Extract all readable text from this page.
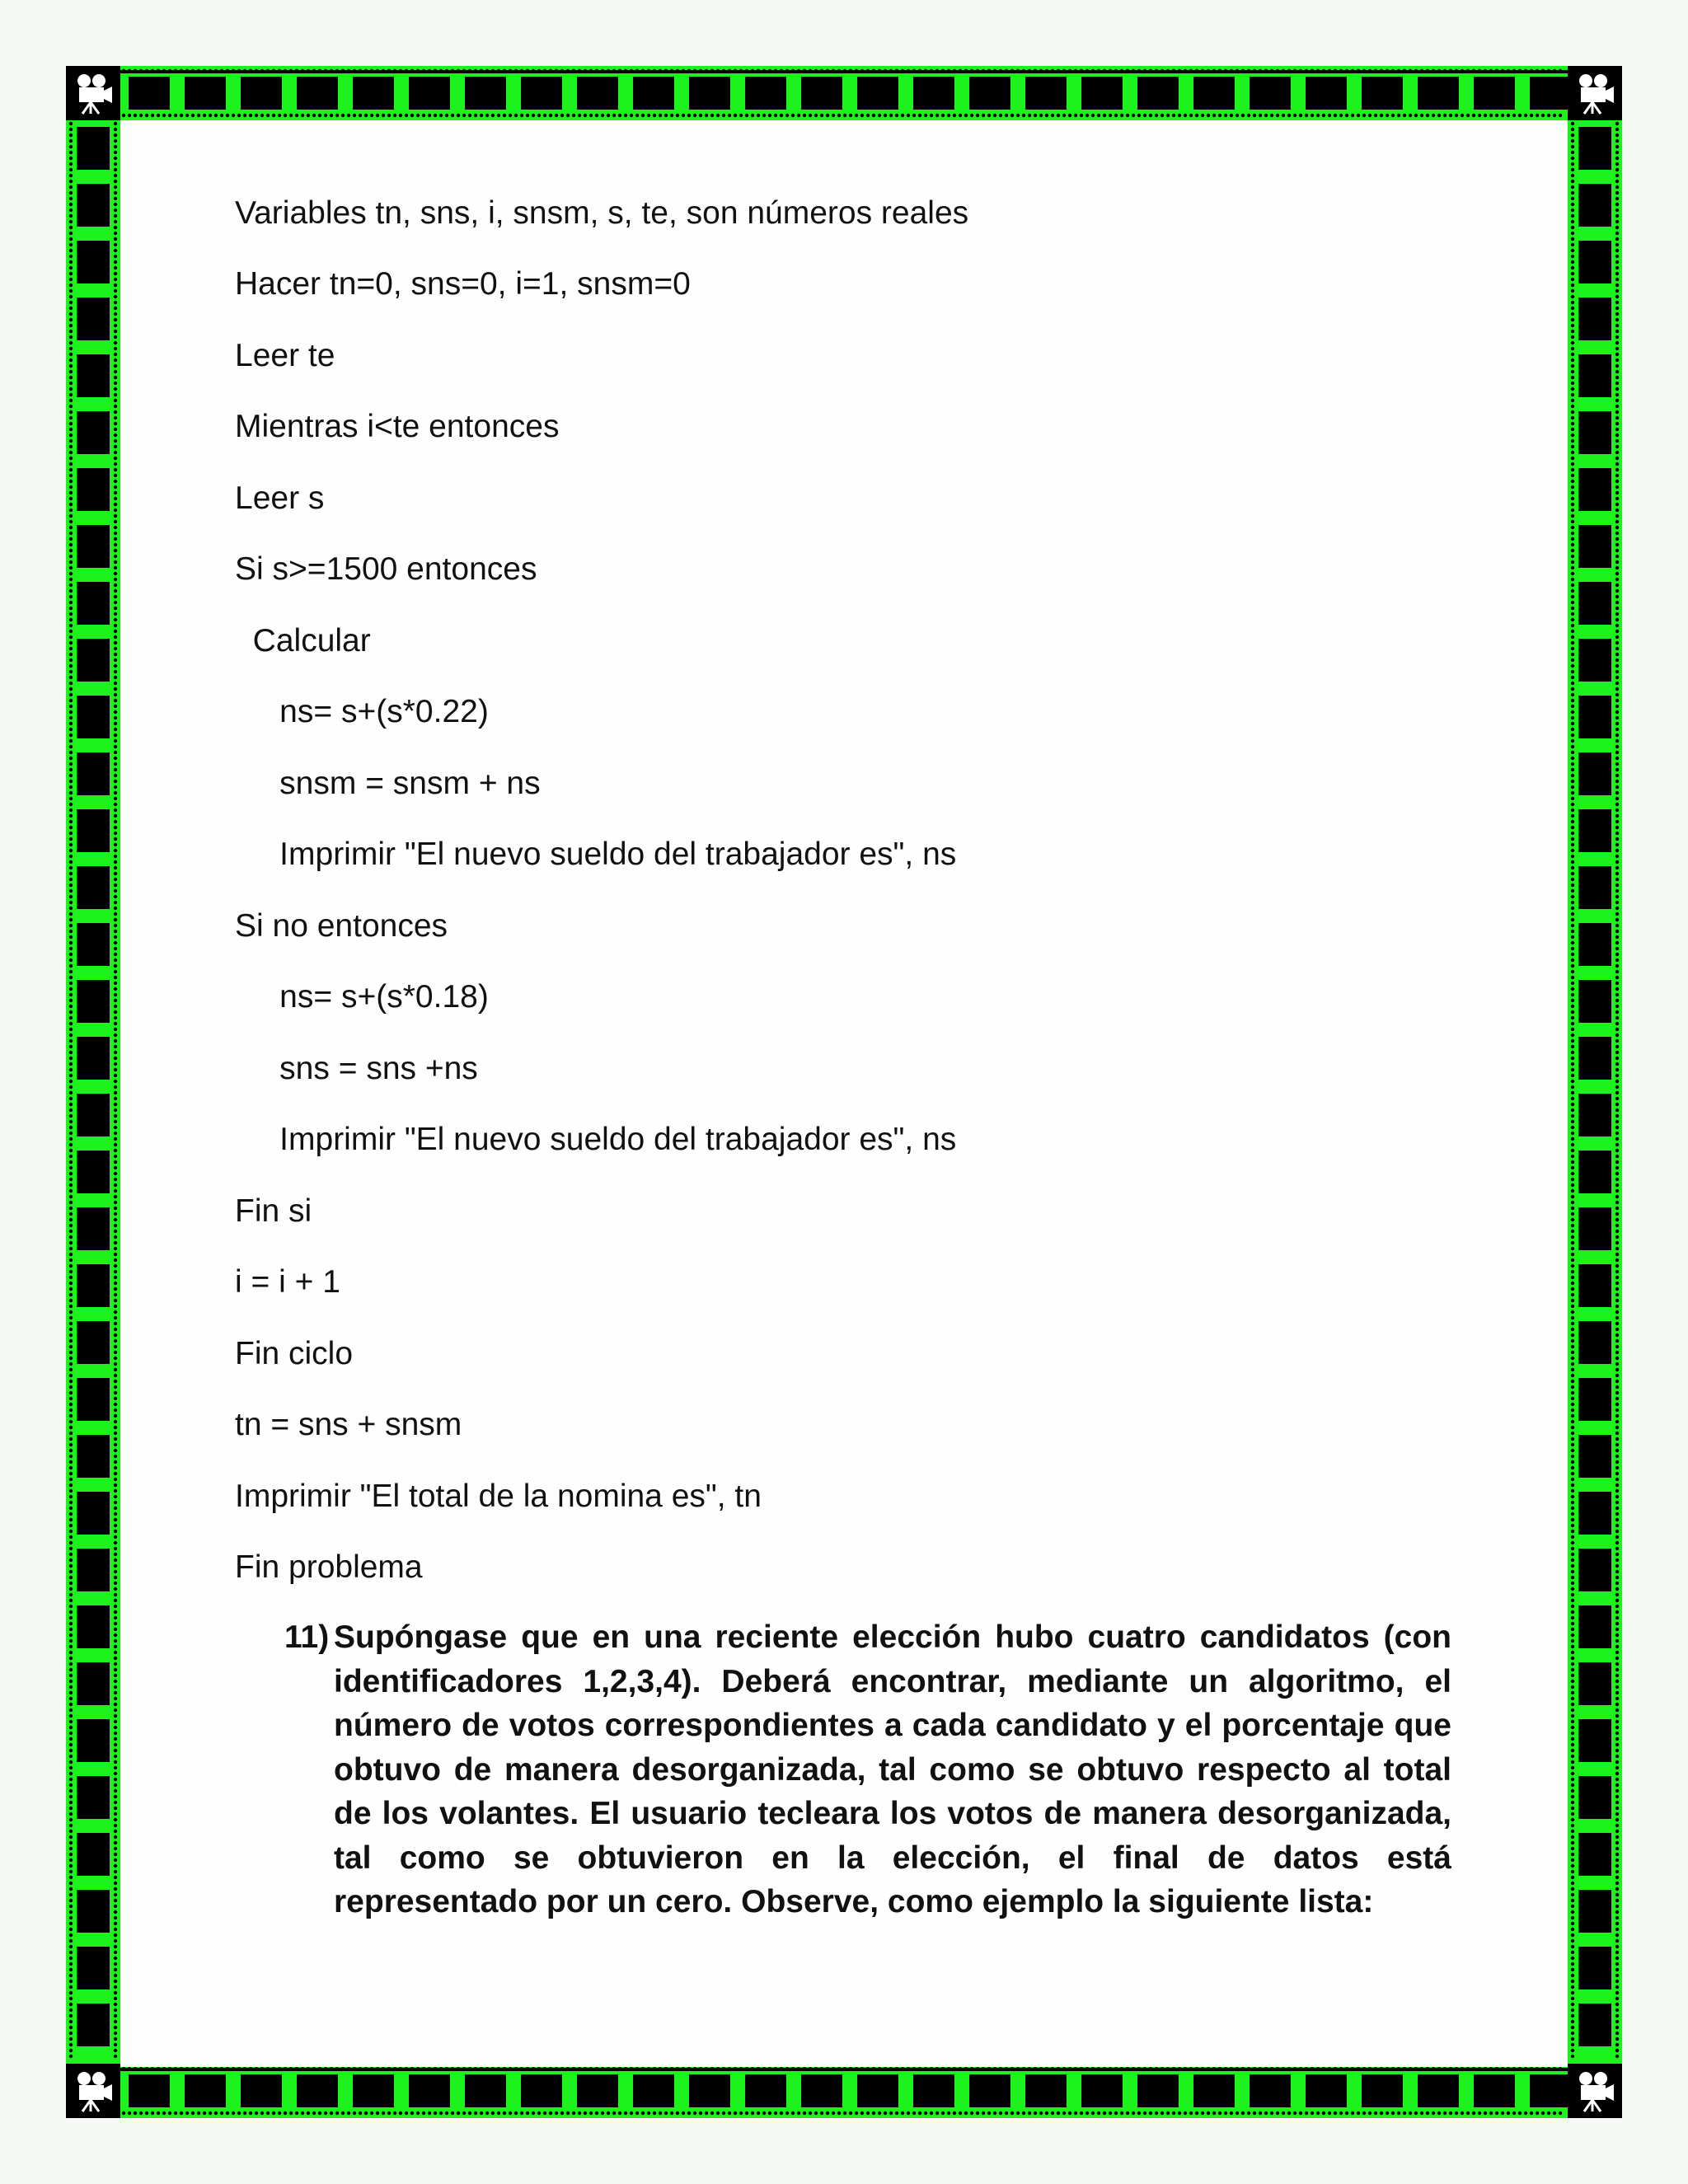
Variables tn, sns, i, snsm, s, te, son números reales

Hacer tn=0, sns=0, i=1, snsm=0

Leer te

Mientras i<te entonces

Leer s

Si s>=1500 entonces

Calcular

ns= s+(s*0.22)

snsm = snsm + ns

Imprimir "El nuevo sueldo del trabajador es", ns

Si no entonces

ns= s+(s*0.18)

sns = sns +ns

Imprimir "El nuevo sueldo del trabajador es", ns

Fin si

i = i + 1

Fin ciclo

tn = sns + snsm

Imprimir "El total de la nomina es", tn

Fin problema

11) Supóngase que en una reciente elección hubo cuatro candidatos (con identificadores 1,2,3,4). Deberá encontrar, mediante un algoritmo, el número de votos correspondientes a cada candidato y el porcentaje que obtuvo de manera desorganizada, tal como se obtuvo respecto al total de los volantes. El usuario tecleara los votos de manera desorganizada, tal como se obtuvieron en la elección, el final de datos está representado por un cero. Observe, como ejemplo la siguiente lista:
